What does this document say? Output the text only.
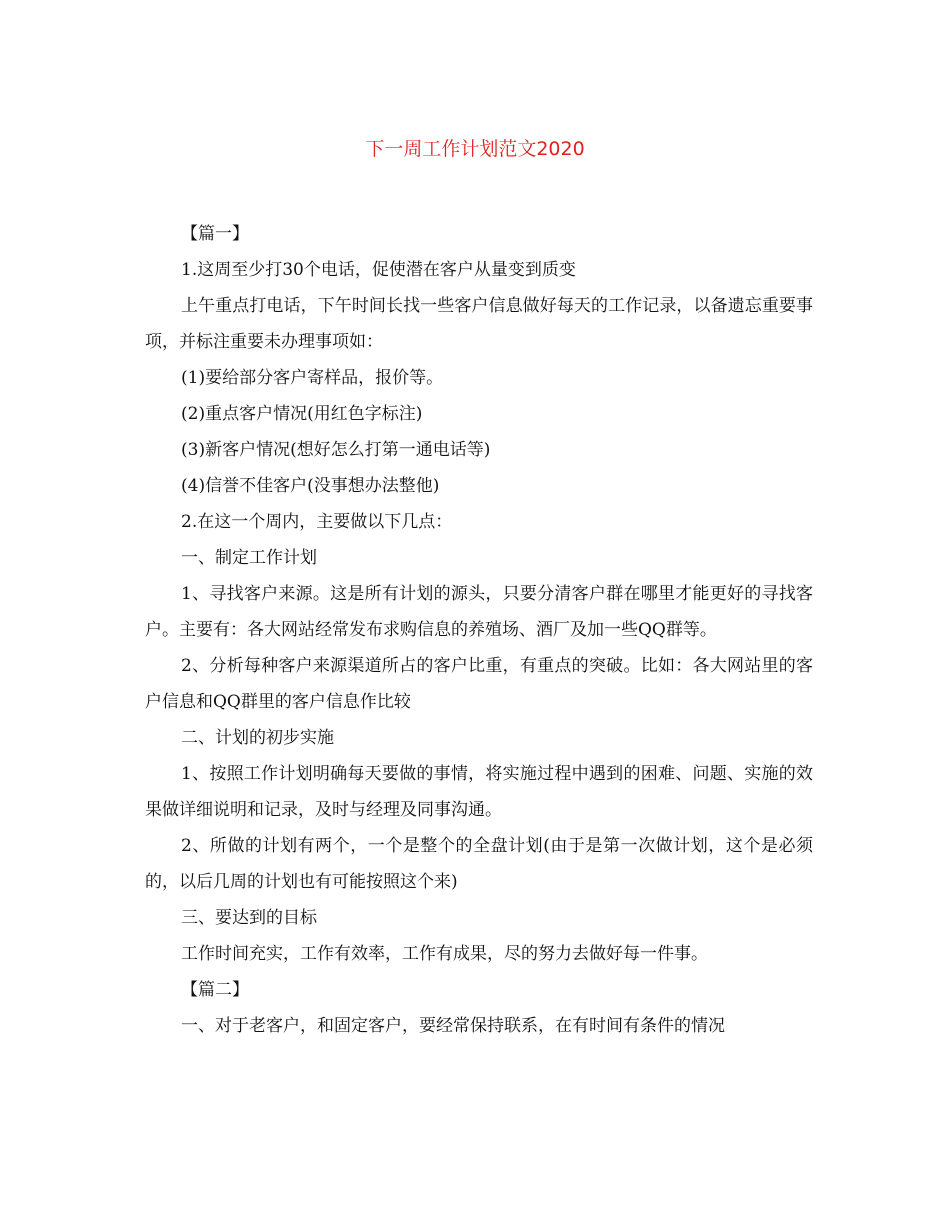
下一周工作计划范文2020

【篇一】

1.这周至少打30个电话，促使潜在客户从量变到质变

上午重点打电话，下午时间长找一些客户信息做好每天的工作记录，以备遗忘重要事项，并标注重要未办理事项如：

(1)要给部分客户寄样品，报价等。

(2)重点客户情况(用红色字标注)

(3)新客户情况(想好怎么打第一通电话等)

(4)信誉不佳客户(没事想办法整他)

2.在这一个周内，主要做以下几点：

一、制定工作计划

1、寻找客户来源。这是所有计划的源头，只要分清客户群在哪里才能更好的寻找客户。主要有：各大网站经常发布求购信息的养殖场、酒厂及加一些QQ群等。

2、分析每种客户来源渠道所占的客户比重，有重点的突破。比如：各大网站里的客户信息和QQ群里的客户信息作比较

二、计划的初步实施

1、按照工作计划明确每天要做的事情，将实施过程中遇到的困难、问题、实施的效果做详细说明和记录，及时与经理及同事沟通。

2、所做的计划有两个，一个是整个的全盘计划(由于是第一次做计划，这个是必须的，以后几周的计划也有可能按照这个来)

三、要达到的目标

工作时间充实，工作有效率，工作有成果，尽的努力去做好每一件事。

【篇二】

一、对于老客户，和固定客户，要经常保持联系，在有时间有条件的情况
